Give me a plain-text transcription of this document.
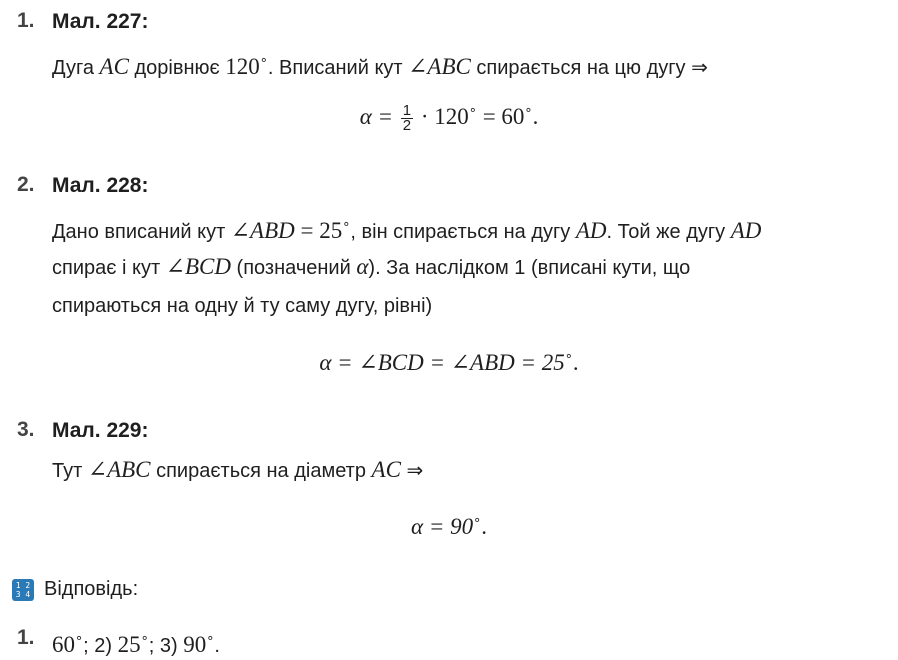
1. Мал. 227:
Дуга AC дорівнює 120∘. Вписаний кут ∠ABC спирається на цю дугу ⇒
$\alpha = \frac{1}{2} \cdot 120^\circ = 60^\circ$.
2. Мал. 228:
Дано вписаний кут ∠ABD = 25∘, він спирається на дугу AD. Той же дугу AD
спирає і кут ∠BCD (позначений α). За наслідком 1 (вписані кути, що
спираються на одну й ту саму дугу, рівні)
α = ∠BCD = ∠ABD = 25∘.
3. Мал. 229:
Тут ∠ABC спирається на діаметр AC ⇒
α = 90∘.
1 2 3 4 Відповідь:
1. 60∘; 2) 25∘; 3) 90∘.
